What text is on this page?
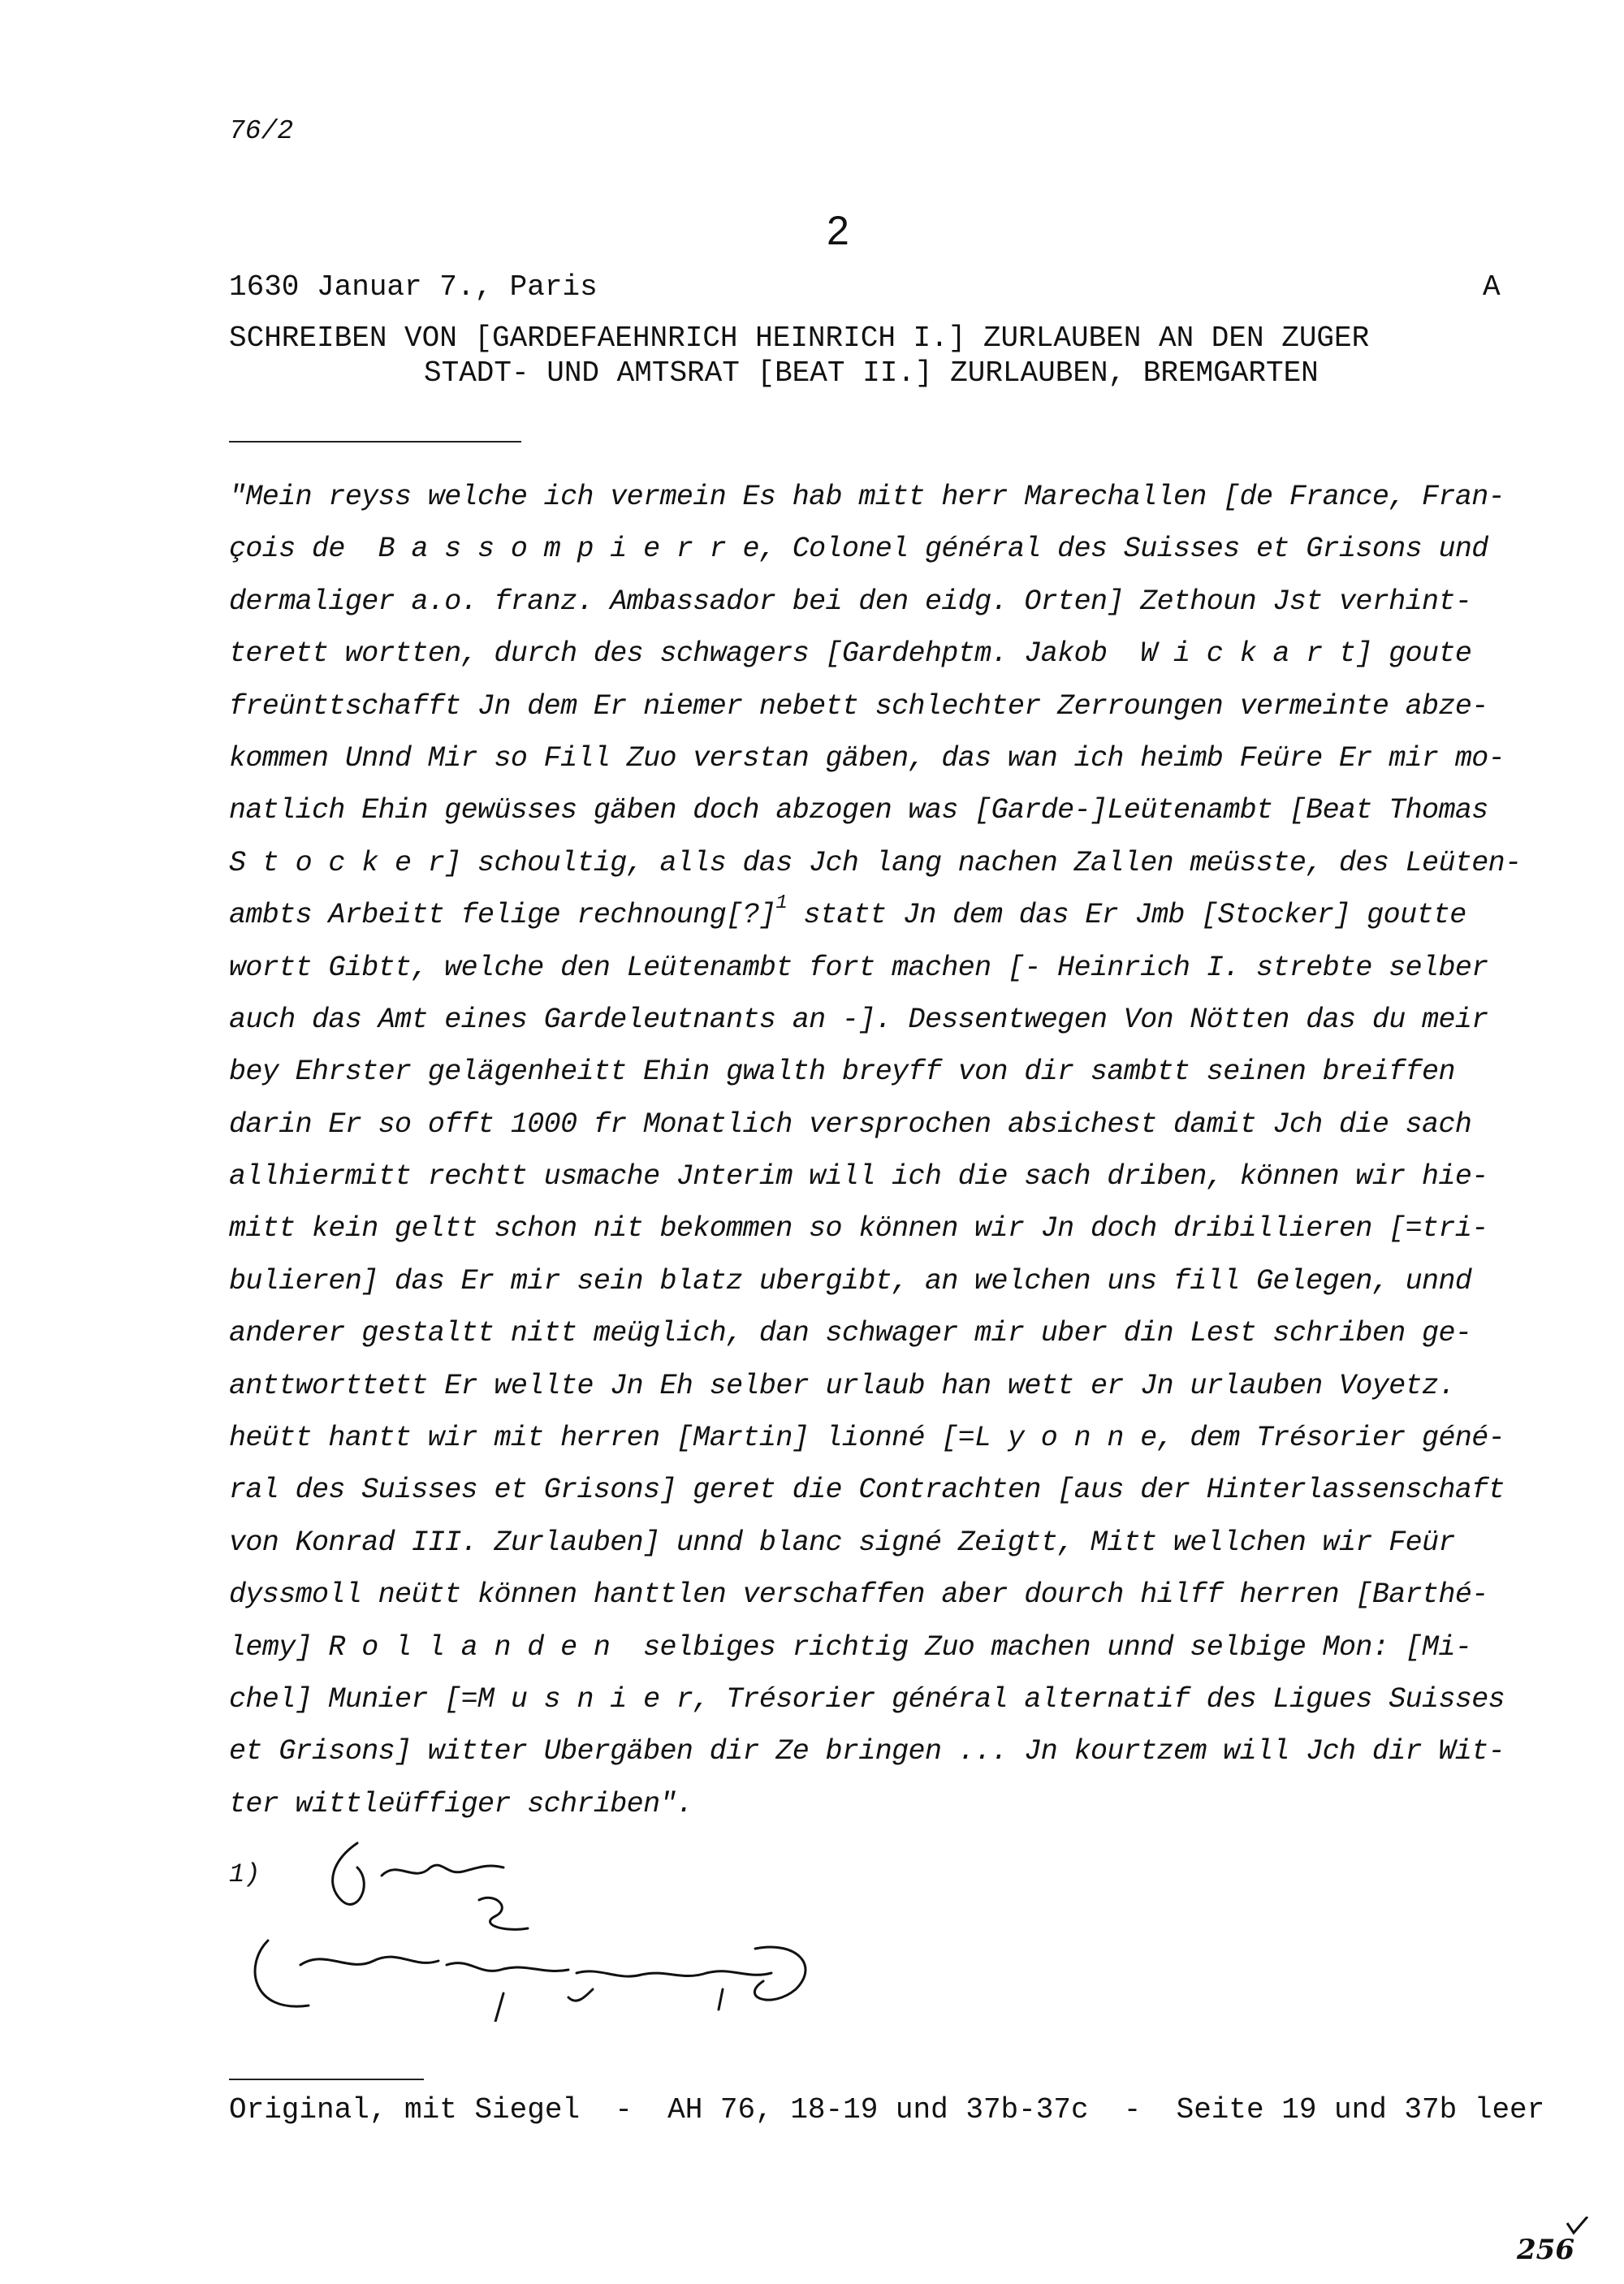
76/2
2
1630 Januar 7., Paris	A
SCHREIBEN VON [GARDEFAEHNRICH HEINRICH I.] ZURLAUBEN AN DEN ZUGER
STADT- UND AMTSRAT [BEAT II.] ZURLAUBEN, BREMGARTEN
"Mein reyss welche ich vermein Es hab mitt herr Marechallen [de France, Fran-
çois de  B a s s o m p i e r r e, Colonel général des Suisses et Grisons und
dermaliger a.o. franz. Ambassador bei den eidg. Orten] Zethoun Jst verhint-
terett wortten, durch des schwagers [Gardehptm. Jakob  W i c k a r t] goute
freünttschafft Jn dem Er niemer nebett schlechter Zerroungen vermeinte abze-
kommen Unnd Mir so Fill Zuo verstan gäben, das wan ich heimb Feüre Er mir mo-
natlich Ehin gewüsses gäben doch abzogen was [Garde-]Leütenambt [Beat Thomas
S t o c k e r] schoultig, alls das Jch lang nachen Zallen meüsste, des Leüten-
ambts Arbeitt felige rechnoung[?]$^1$ statt Jn dem das Er Jmb [Stocker] goutte
wortt Gibtt, welche den Leütenambt fort machen [- Heinrich I. strebte selber
auch das Amt eines Gardeleutnants an -]. Dessentwegen Von Nötten das du meir
bey Ehrster gelägenheitt Ehin gwalth breyff von dir sambtt seinen breiffen
darin Er so offt 1000 fr Monatlich versprochen absichest damit Jch die sach
allhiermitt rechtt usmache Jnterim will ich die sach driben, können wir hie-
mitt kein geltt schon nit bekommen so können wir Jn doch dribillieren [=tri-
bulieren] das Er mir sein blatz ubergibt, an welchen uns fill Gelegen, unnd
anderer gestaltt nitt meüglich, dan schwager mir uber din Lest schriben ge-
anttworttett Er wellte Jn Eh selber urlaub han wett er Jn urlauben Voyetz.
heütt hantt wir mit herren [Martin] lionné [=L y o n n e, dem Trésorier géné-
ral des Suisses et Grisons] geret die Contrachten [aus der Hinterlassenschaft
von Konrad III. Zurlauben] unnd blanc signé Zeigtt, Mitt wellchen wir Feür
dyssmoll neütt können hanttlen verschaffen aber dourch hilff herren [Barthé-
lemy] R o l l a n d e n  selbiges richtig Zuo machen unnd selbige Mon: [Mi-
chel] Munier [=M u s n i e r, Trésorier général alternatif des Ligues Suisses
et Grisons] witter Ubergäben dir Ze bringen ... Jn kourtzem will Jch dir Wit-
ter wittleüffiger schriben".
1)
Original, mit Siegel  -  AH 76, 18-19 und 37b-37c  -  Seite 19 und 37b leer
256
